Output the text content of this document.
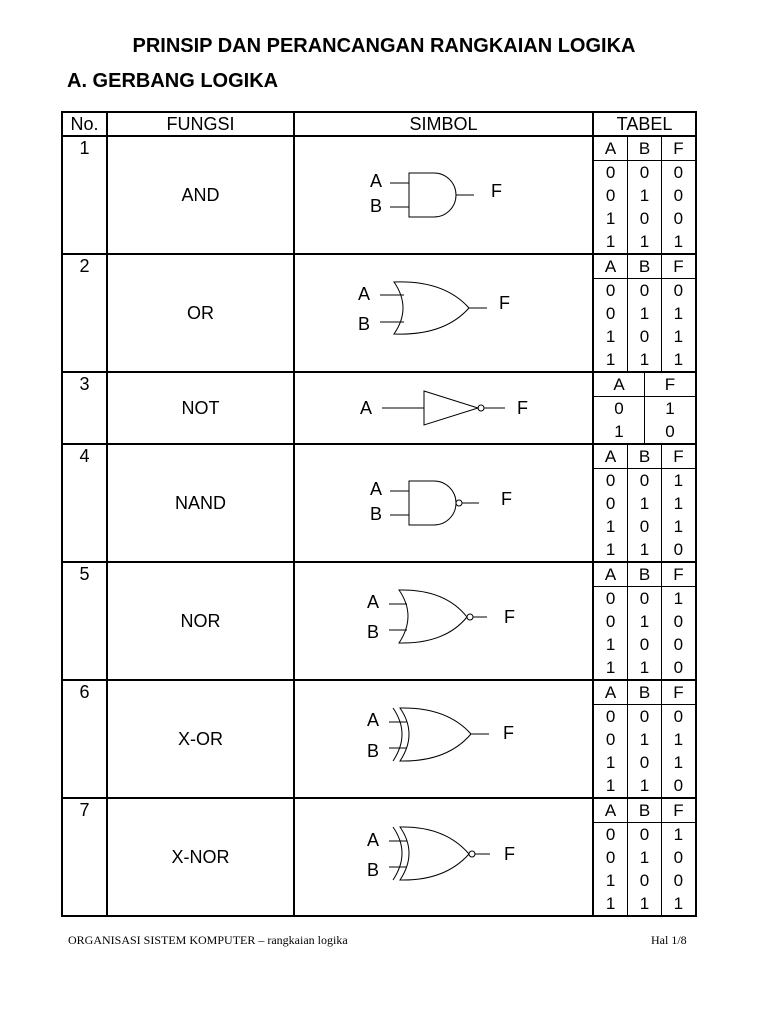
PRINSIP DAN PERANCANGAN RANGKAIAN LOGIKA
A. GERBANG LOGIKA
No.	FUNGSI	SIMBOL	TABEL
1	AND	
A
B
F

A	B	F
0	0	0
0	1	0
1	0	0
1	1	1

2	OR	
A
B
F

A	B	F
0	0	0
0	1	1
1	0	1
1	1	1

3	NOT	A	F

A	F
0	1
1	0

4	NAND	
A
B
F

A	B	F
0	0	1
0	1	1
1	0	1
1	1	0

5	NOR	
A
B
F

A	B	F
0	0	1
0	1	0
1	0	0
1	1	0

6	X-OR	
A
B
F

A	B	F
0	0	0
0	1	1
1	0	1
1	1	0

7	X-NOR	
A
B
F

A	B	F
0	0	1
0	1	0
1	0	0
1	1	1
ORGANISASI SISTEM KOMPUTER – rangkaian logika	Hal 1/8
